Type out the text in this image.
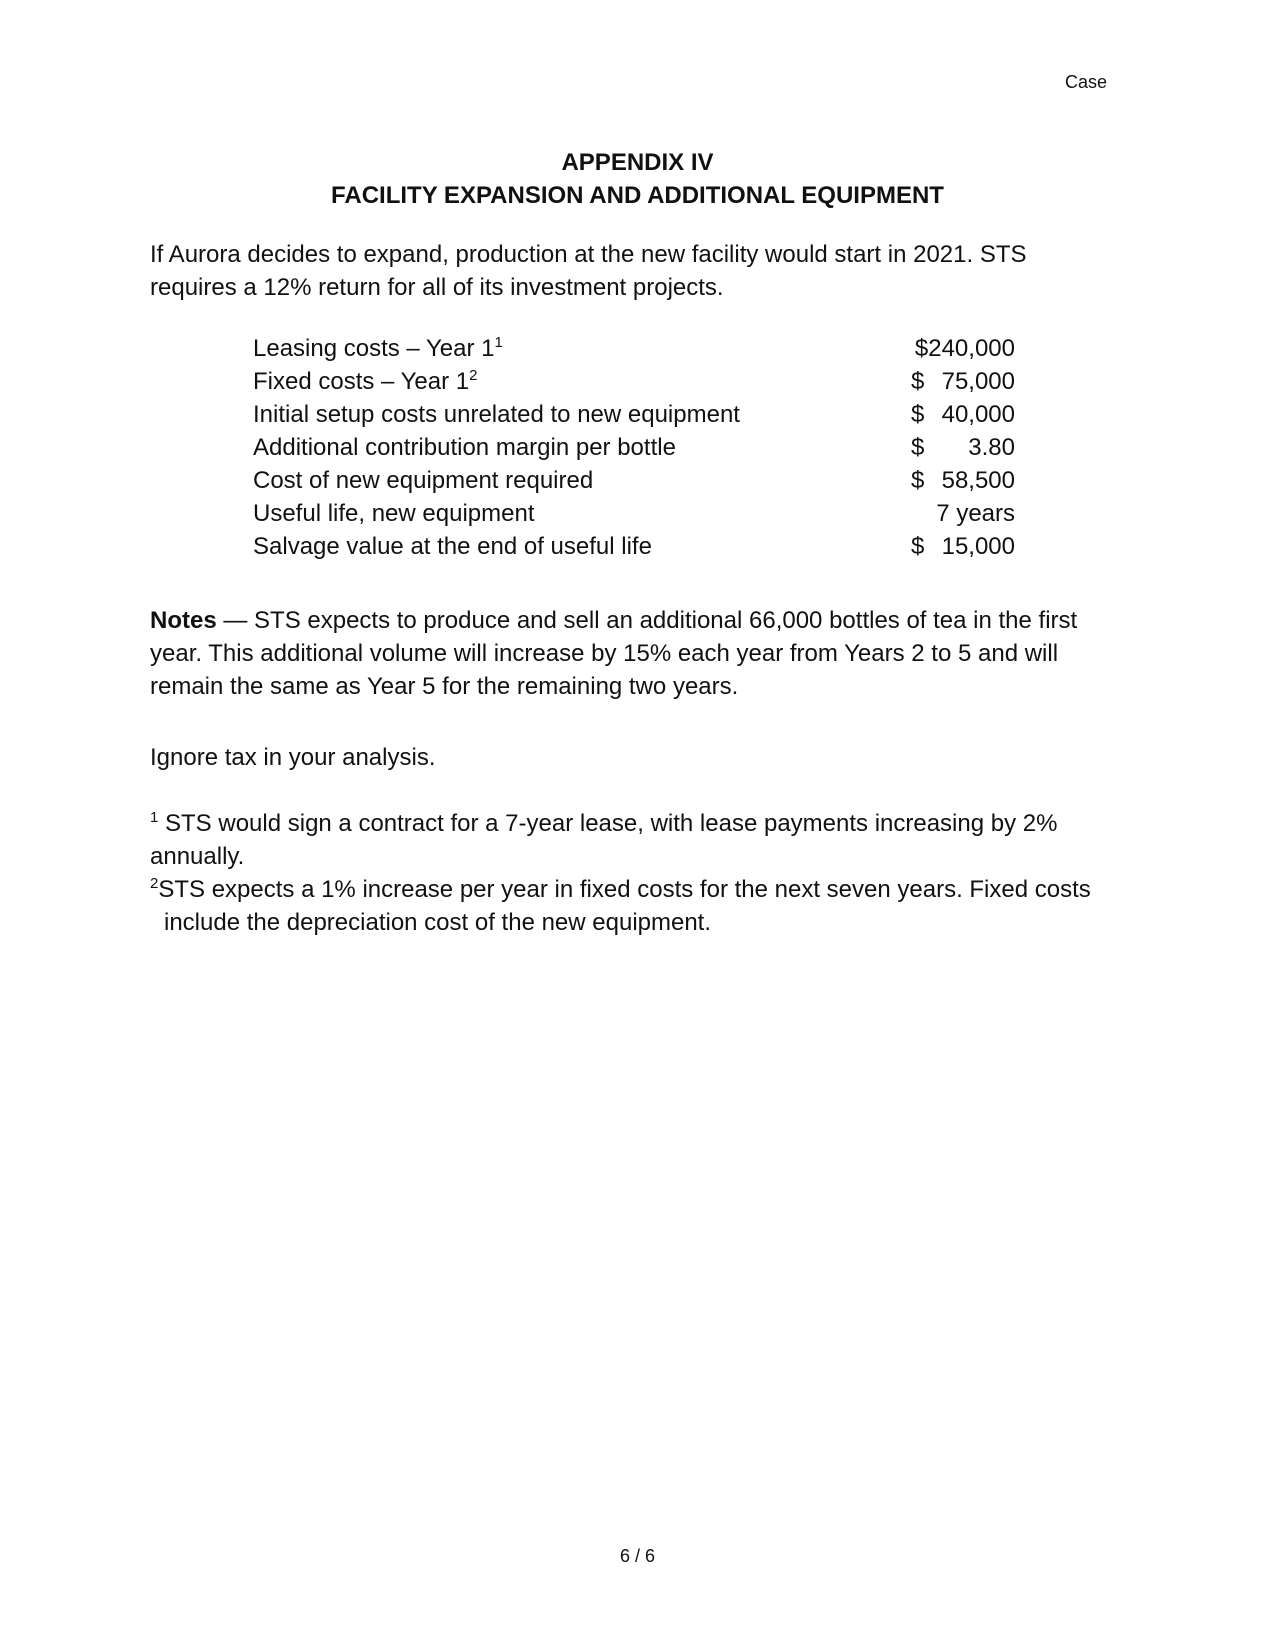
Case
APPENDIX IV
FACILITY EXPANSION AND ADDITIONAL EQUIPMENT
If Aurora decides to expand, production at the new facility would start in 2021. STS requires a 12% return for all of its investment projects.
Leasing costs – Year $1^1$	$240,000
Fixed costs – Year $1^2$	$ 75,000
Initial setup costs unrelated to new equipment	$ 40,000
Additional contribution margin per bottle	$ 3.80
Cost of new equipment required	$ 58,500
Useful life, new equipment	7 years
Salvage value at the end of useful life	$ 15,000
Notes — STS expects to produce and sell an additional 66,000 bottles of tea in the first year. This additional volume will increase by 15% each year from Years 2 to 5 and will remain the same as Year 5 for the remaining two years.
Ignore tax in your analysis.
$^1$ STS would sign a contract for a 7-year lease, with lease payments increasing by 2% annually.
$^2$STS expects a 1% increase per year in fixed costs for the next seven years. Fixed costs
include the depreciation cost of the new equipment.
6 / 6
